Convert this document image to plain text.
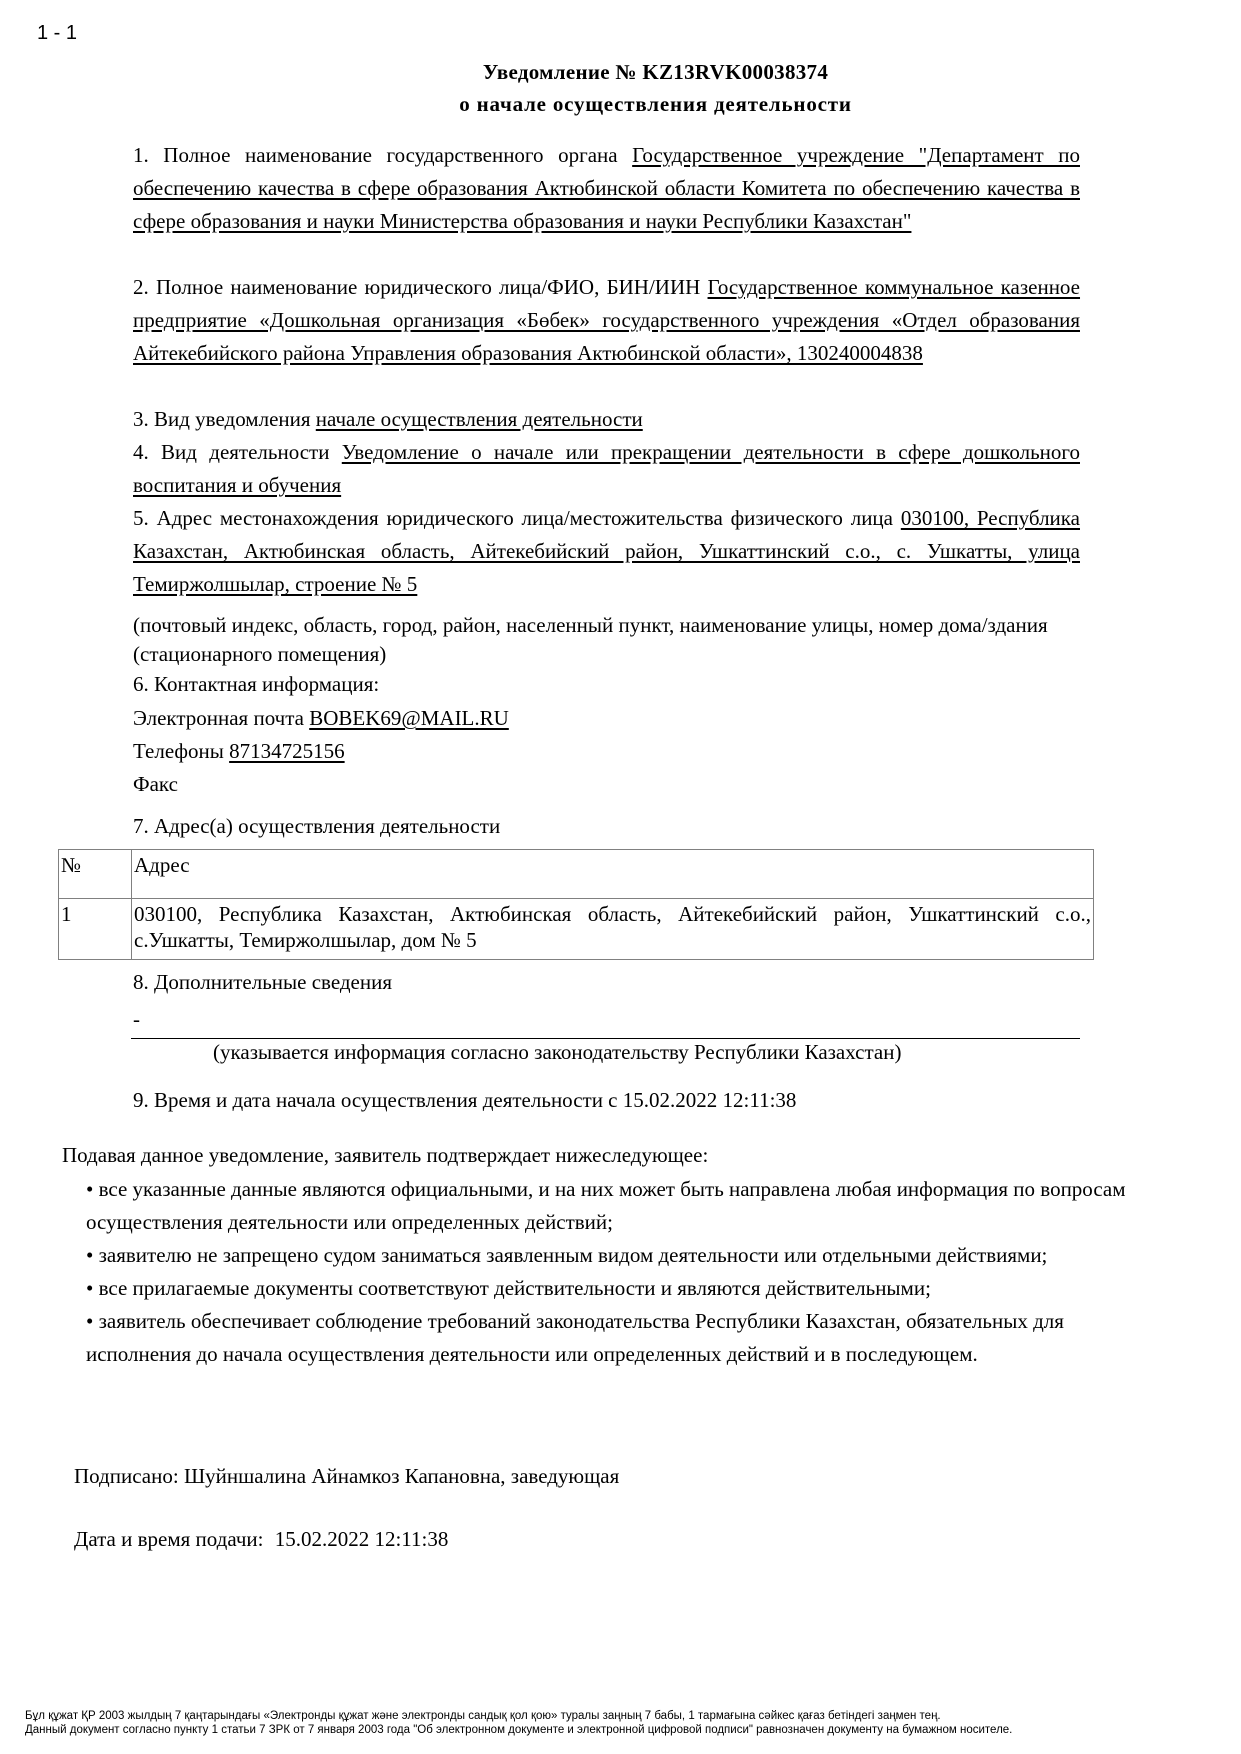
1 - 1
Уведомление № KZ13RVK00038374
о начале осуществления деятельности
1. Полное наименование государственного органа Государственное учреждение "Департамент по обеспечению качества в сфере образования Актюбинской области Комитета по обеспечению качества в сфере образования и науки Министерства образования и науки Республики Казахстан"
2. Полное наименование юридического лица/ФИО, БИН/ИИН Государственное коммунальное казенное предприятие «Дошкольная организация «Бөбек» государственного учреждения «Отдел образования Айтекебийского района Управления образования Актюбинской области», 130240004838
3. Вид уведомления начале осуществления деятельности
4. Вид деятельности Уведомление о начале или прекращении деятельности в сфере дошкольного воспитания и обучения
5. Адрес местонахождения юридического лица/местожительства физического лица 030100, Республика Казахстан, Актюбинская область, Айтекебийский район, Ушкаттинский с.о., с. Ушкатты, улица Темиржолшылар, строение № 5
(почтовый индекс, область, город, район, населенный пункт, наименование улицы, номер дома/здания (стационарного помещения)
6. Контактная информация:
Электронная почта BOBEK69@MAIL.RU
Телефоны 87134725156
Факс
7. Адрес(а) осуществления деятельности
№	Адрес
1	030100, Республика Казахстан, Актюбинская область, Айтекебийский район, Ушкаттинский с.о., с.Ушкатты, Темиржолшылар, дом № 5
8. Дополнительные сведения
-
(указывается информация согласно законодательству Республики Казахстан)
9. Время и дата начала осуществления деятельности с 15.02.2022 12:11:38
Подавая данное уведомление, заявитель подтверждает нижеследующее:

• все указанные данные являются официальными, и на них может быть направлена любая информация по вопросам осуществления деятельности или определенных действий;

• заявителю не запрещено судом заниматься заявленным видом деятельности или отдельными действиями;

• все прилагаемые документы соответствуют действительности и являются действительными;

• заявитель обеспечивает соблюдение требований законодательства Республики Казахстан, обязательных для исполнения до начала осуществления деятельности или определенных действий и в последующем.

Подписано: Шуйншалина Айнамкоз Капановна, заведующая
Дата и время подачи: 15.02.2022 12:11:38
Бұл құжат ҚР 2003 жылдың 7 қаңтарындағы «Электронды құжат және электронды сандық қол қою» туралы заңның 7 бабы, 1 тармағына сәйкес қағаз бетіндегі заңмен тең.
Данный документ согласно пункту 1 статьи 7 ЗРК от 7 января 2003 года "Об электронном документе и электронной цифровой подписи" равнозначен документу на бумажном носителе.
